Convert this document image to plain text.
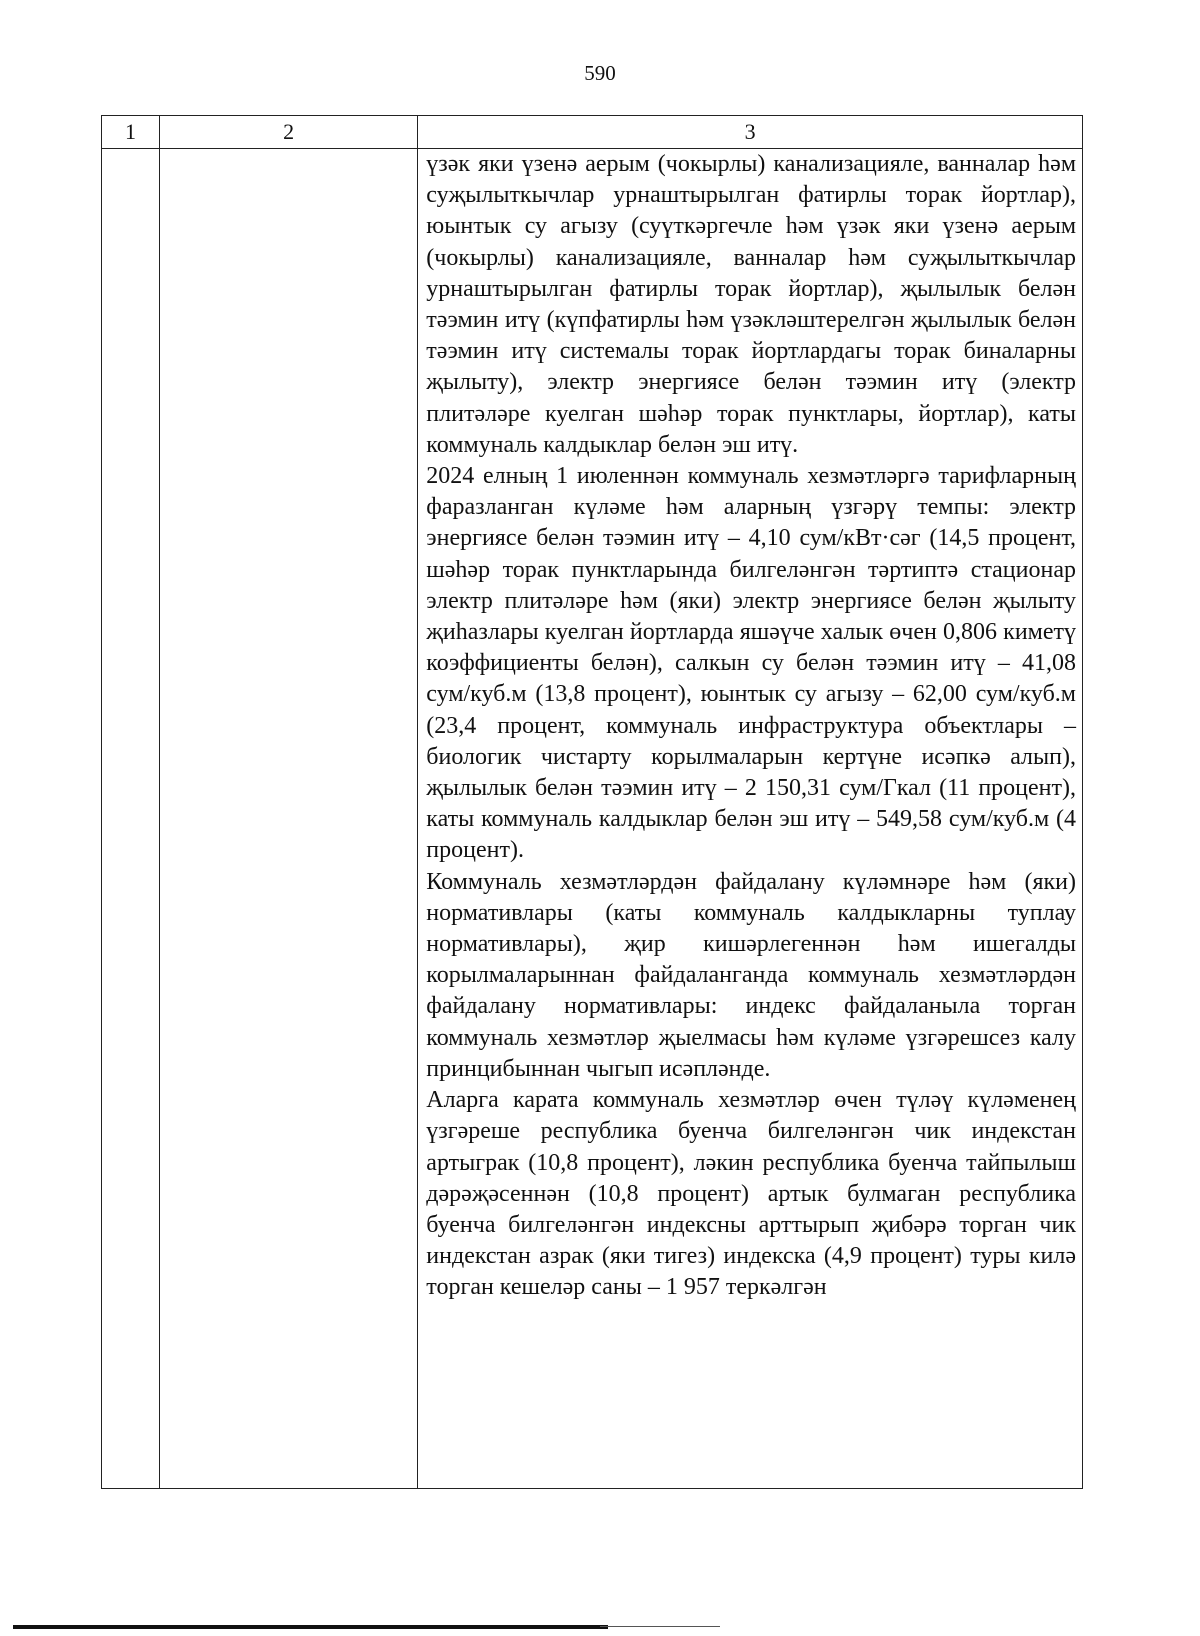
590
1	2	3

		үзәк яки үзенә аерым (чокырлы) канализацияле, ванналар һәм суҗылыткычлар урнаштырылган фатирлы торак йортлар), юынтык су агызу (суүткәргечле һәм үзәк яки үзенә аерым (чокырлы) канализацияле, ванналар һәм суҗылыткычлар урнаштырылган фатирлы торак йортлар), җылылык белән тәэмин итү (күпфатирлы һәм үзәкләштерелгән җылылык белән тәэмин итү системалы торак йортлардагы торак биналарны җылыту), электр энергиясе белән тәэмин итү (электр плитәләре куелган шәһәр торак пунктлары, йортлар), каты коммуналь калдыклар белән эш итү.

2024 елның 1 июленнән коммуналь хезмәтләргә тарифларның фаразланган күләме һәм аларның үзгәрү темпы: электр энергиясе белән тәэмин итү – 4,10 сум/кВт·сәг (14,5 процент, шәһәр торак пунктларында билгеләнгән тәртиптә стационар электр плитәләре һәм (яки) электр энергиясе белән җылыту җиһазлары куелган йортларда яшәүче халык өчен 0,806 киметү коэффициенты белән), салкын су белән тәэмин итү – 41,08 сум/куб.м (13,8 процент), юынтык су агызу – 62,00 сум/куб.м (23,4 процент, коммуналь инфраструктура объектлары – биологик чистарту корылмаларын кертүне исәпкә алып), җылылык белән тәэмин итү – 2 150,31 сум/Гкал (11 процент), каты коммуналь калдыклар белән эш итү – 549,58 сум/куб.м (4 процент).

Коммуналь хезмәтләрдән файдалану күләмнәре һәм (яки) нормативлары (каты коммуналь калдыкларны туплау нормативлары), җир кишәрлегеннән һәм ишегалды корылмаларыннан файдаланганда коммуналь хезмәтләрдән файдалану нормативлары: индекс файдаланыла торган коммуналь хезмәтләр җыелмасы һәм күләме үзгәрешсез калу принцибыннан чыгып исәпләнде.

Аларга карата коммуналь хезмәтләр өчен түләү күләменең үзгәреше республика буенча билгеләнгән чик индекстан артыграк (10,8 процент), ләкин республика буенча тайпылыш дәрәҗәсеннән (10,8 процент) артык булмаган республика буенча билгеләнгән индексны арттырып җибәрә торган чик индекстан азрак (яки тигез) индекска (4,9 процент) туры килә торган кешеләр саны – 1 957 теркәлгән
